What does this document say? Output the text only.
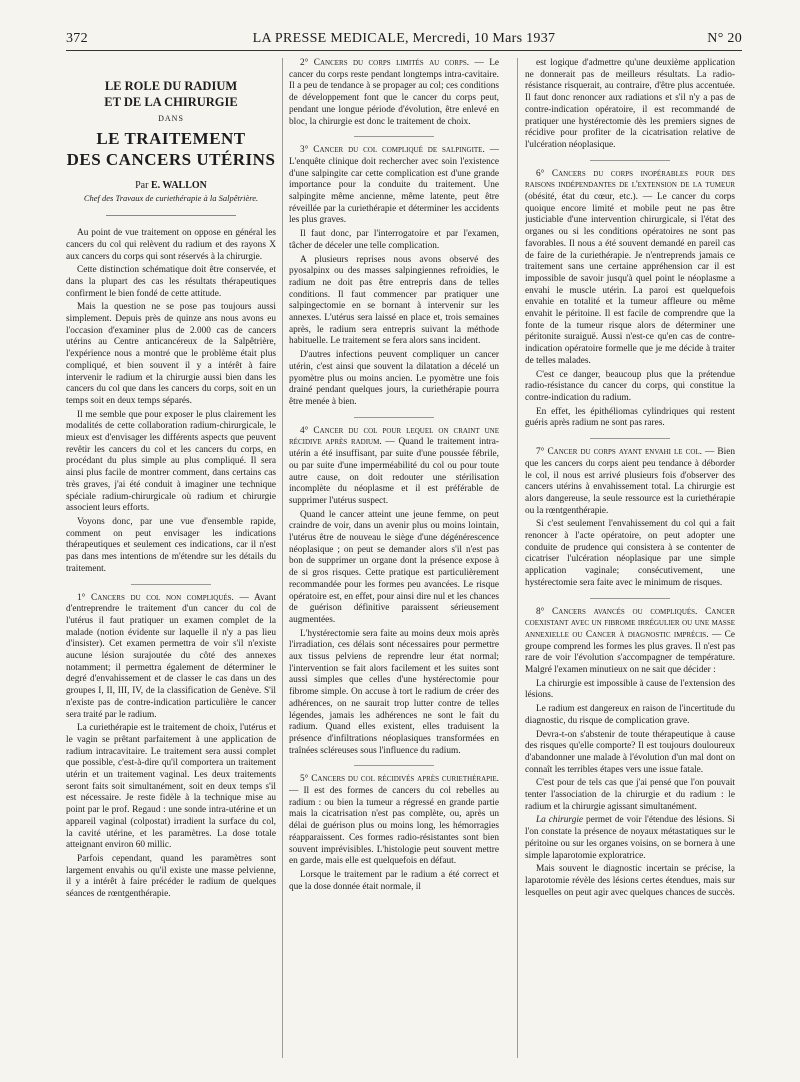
372	LA PRESSE MEDICALE, Mercredi, 10 Mars 1937	N° 20
LE ROLE DU RADIUM
ET DE LA CHIRURGIE
DANS
LE TRAITEMENT
DES CANCERS UTÉRINS
Par E. WALLON
Chef des Travaux de curiethérapie à la Salpêtrière.

Au point de vue traitement on oppose en général les cancers du col qui relèvent du radium et des rayons X aux cancers du corps qui sont réservés à la chirurgie.

Cette distinction schématique doit être conservée, et dans la plupart des cas les résultats thérapeutiques confirment le bien fondé de cette attitude.

Mais la question ne se pose pas toujours aussi simplement. Depuis près de quinze ans nous avons eu l'occasion d'examiner plus de 2.000 cas de cancers utérins au Centre anticancéreux de la Salpêtrière, l'expérience nous a montré que le problème était plus compliqué, et bien souvent il y a intérêt à faire intervenir le radium et la chirurgie aussi bien dans les cancers du col que dans les cancers du corps, soit en un temps soit en deux temps séparés.

Il me semble que pour exposer le plus clairement les modalités de cette collaboration radium-chirurgicale, le mieux est d'envisager les différents aspects que peuvent revêtir les cancers du col et les cancers du corps, en procédant du plus simple au plus compliqué. Il sera ainsi plus facile de montrer comment, dans certains cas très graves, j'ai été conduit à imaginer une technique spéciale radium-chirurgicale où radium et chirurgie associent leurs efforts.

Voyons donc, par une vue d'ensemble rapide, comment on peut envisager les indications thérapeutiques et seulement ces indications, car il n'est pas dans mes intentions de m'étendre sur les détails du traitement.

1° Cancers du col non compliqués. — Avant d'entreprendre le traitement d'un cancer du col de l'utérus il faut pratiquer un examen complet de la malade (notion évidente sur laquelle il n'y a pas lieu d'insister). Cet examen permettra de voir s'il n'existe aucune lésion surajoutée du côté des annexes notamment; il permettra également de déterminer le degré d'envahissement et de classer le cas dans un des groupes I, II, III, IV, de la classification de Genève. S'il n'existe pas de contre-indication particulière le cancer sera traité par le radium.

La curiethérapie est le traitement de choix, l'utérus et le vagin se prêtant parfaitement à une application de radium intracavitaire. Le traitement sera aussi complet que possible, c'est-à-dire qu'il comportera un traitement utérin et un traitement vaginal. Les deux traitements seront faits soit simultanément, soit en deux temps s'il est nécessaire. Je reste fidèle à la technique mise au point par le prof. Regaud : une sonde intra-utérine et un appareil vaginal (colpostat) irradient la surface du col, la cavité utérine, et les paramètres. La dose totale atteignant environ 60 millic.

Parfois cependant, quand les paramètres sont largement envahis ou qu'il existe une masse pelvienne, il y a intérêt à faire précéder le radium de quelques séances de rœntgenthérapie.

2° Cancers du corps limités au corps. — Le cancer du corps reste pendant longtemps intra-cavitaire. Il a peu de tendance à se propager au col; ces conditions de développement font que le cancer du corps peut, pendant une longue période d'évolution, être enlevé en bloc, la chirurgie est donc le traitement de choix.

3° Cancer du col compliqué de salpingite. — L'enquête clinique doit rechercher avec soin l'existence d'une salpingite car cette complication est d'une grande importance pour la conduite du traitement. Une salpingite même ancienne, même latente, peut être réveillée par la curiethérapie et déterminer les accidents les plus graves.

Il faut donc, par l'interrogatoire et par l'examen, tâcher de déceler une telle complication.

A plusieurs reprises nous avons observé des pyosalpinx ou des masses salpingiennes refroidies, le radium ne doit pas être entrepris dans de telles conditions. Il faut commencer par pratiquer une salpingectomie en se bornant à intervenir sur les annexes. L'utérus sera laissé en place et, trois semaines après, le radium sera entrepris suivant la méthode habituelle. Le traitement se fera alors sans incident.

D'autres infections peuvent compliquer un cancer utérin, c'est ainsi que souvent la dilatation a décelé un pyomètre plus ou moins ancien. Le pyomètre une fois drainé pendant quelques jours, la curiethérapie pourra être menée à bien.

4° Cancer du col pour lequel on craint une récidive après radium. — Quand le traitement intra-utérin a été insuffisant, par suite d'une poussée fébrile, ou par suite d'une imperméabilité du col ou pour toute autre cause, on doit redouter une stérilisation incomplète du néoplasme et il est préférable de supprimer l'utérus suspect.

Quand le cancer atteint une jeune femme, on peut craindre de voir, dans un avenir plus ou moins lointain, l'utérus être de nouveau le siège d'une dégénérescence néoplasique ; on peut se demander alors s'il n'est pas bon de supprimer un organe dont la présence expose à de si gros risques. Cette pratique est particulièrement recommandée pour les formes peu avancées. Le risque opératoire est, en effet, pour ainsi dire nul et les chances de guérison définitive paraissent sérieusement augmentées.

L'hystérectomie sera faite au moins deux mois après l'irradiation, ces délais sont nécessaires pour permettre aux tissus pelviens de reprendre leur état normal; l'intervention se fait alors facilement et les suites sont aussi simples que celles d'une hystérectomie pour fibrome simple. On accuse à tort le radium de créer des adhérences, on ne saurait trop lutter contre de telles légendes, jamais les adhérences ne sont le fait du radium. Quand elles existent, elles traduisent la présence d'infiltrations néoplasiques transformées en traînées scléreuses sous l'influence du radium.

5° Cancers du col récidivés après curiethérapie. — Il est des formes de cancers du col rebelles au radium : ou bien la tumeur a régressé en grande partie mais la cicatrisation n'est pas complète, ou, après un délai de guérison plus ou moins long, les hémorragies réapparaissent. Ces formes radio-résistantes sont bien souvent imprévisibles. L'histologie peut souvent mettre en garde, mais elle est quelquefois en défaut.

Lorsque le traitement par le radium a été correct et que la dose donnée était normale, il

est logique d'admettre qu'une deuxième application ne donnerait pas de meilleurs résultats. La radio-résistance risquerait, au contraire, d'être plus accentuée. Il faut donc renoncer aux radiations et s'il n'y a pas de contre-indication opératoire, il est recommandé de pratiquer une hystérectomie dès les premiers signes de récidive pour profiter de la cicatrisation relative de l'ulcération néoplasique.

6° Cancers du corps inopérables pour des raisons indépendantes de l'extension de la tumeur (obésité, état du cœur, etc.). — Le cancer du corps quoique encore limité et mobile peut ne pas être justiciable d'une intervention chirurgicale, si l'état des organes ou si les conditions opératoires ne sont pas favorables. Il nous a été souvent demandé en pareil cas de faire de la curiethérapie. Je n'entreprends jamais ce traitement sans une certaine appréhension car il est impossible de savoir jusqu'à quel point le néoplasme a envahi le muscle utérin. La paroi est quelquefois envahie en totalité et la tumeur affleure ou même envahit le péritoine. Il est facile de comprendre que la fonte de la tumeur risque alors de déterminer une péritonite suraiguë. Aussi n'est-ce qu'en cas de contre-indication opératoire formelle que je me décide à traiter de telles malades.

C'est ce danger, beaucoup plus que la prétendue radio-résistance du cancer du corps, qui constitue la contre-indication du radium.

En effet, les épithéliomas cylindriques qui restent guéris après radium ne sont pas rares.

7° Cancer du corps ayant envahi le col. — Bien que les cancers du corps aient peu tendance à déborder le col, il nous est arrivé plusieurs fois d'observer des cancers utérins à envahissement total. La chirurgie est alors dangereuse, la seule ressource est la curiethérapie ou la rœntgenthérapie.

Si c'est seulement l'envahissement du col qui a fait renoncer à l'acte opératoire, on peut adopter une conduite de prudence qui consistera à se contenter de cicatriser l'ulcération néoplasique par une simple application vaginale; consécutivement, une hystérectomie sera faite avec le minimum de risques.

8° Cancers avancés ou compliqués. Cancer coexistant avec un fibrome irrégulier ou une masse annexielle ou Cancer à diagnostic imprécis. — Ce groupe comprend les formes les plus graves. Il n'est pas rare de voir l'évolution s'accompagner de température. Malgré l'examen minutieux on ne sait que décider :

La chirurgie est impossible à cause de l'extension des lésions.

Le radium est dangereux en raison de l'incertitude du diagnostic, du risque de complication grave.

Devra-t-on s'abstenir de toute thérapeutique à cause des risques qu'elle comporte? Il est toujours douloureux d'abandonner une malade à l'évolution d'un mal dont on connaît les terribles étapes vers une issue fatale.

C'est pour de tels cas que j'ai pensé que l'on pouvait tenter l'association de la chirurgie et du radium : le radium et la chirurgie agissant simultanément.

La chirurgie permet de voir l'étendue des lésions. Si l'on constate la présence de noyaux métastatiques sur le péritoine ou sur les organes voisins, on se bornera à une simple laparotomie exploratrice.

Mais souvent le diagnostic incertain se précise, la laparotomie révèle des lésions certes étendues, mais sur lesquelles on peut agir avec quelques chances de succès.
